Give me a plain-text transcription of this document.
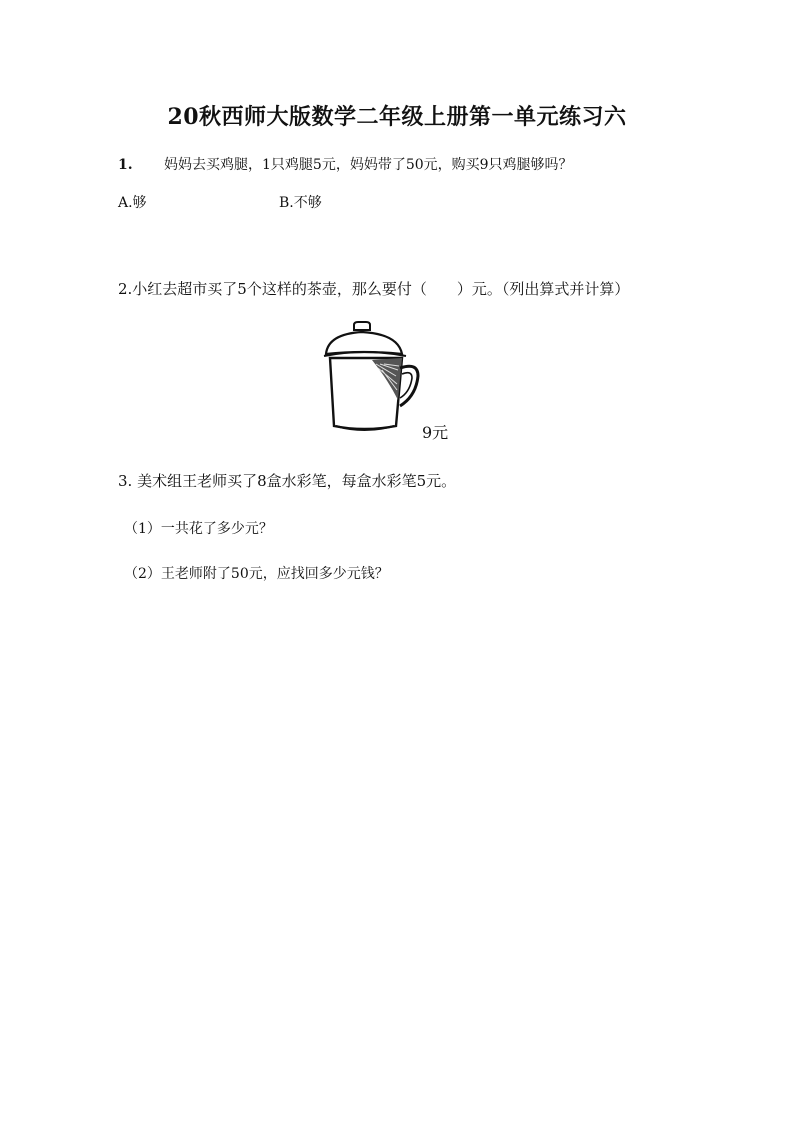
20秋西师大版数学二年级上册第一单元练习六
1. 妈妈去买鸡腿，1只鸡腿5元，妈妈带了50元，购买9只鸡腿够吗？
A.够	B.不够
2.小红去超市买了5个这样的茶壶，那么要付（　　）元。（列出算式并计算）
9元
3. 美术组王老师买了8盒水彩笔，每盒水彩笔5元。
（1）一共花了多少元？
（2）王老师附了50元，应找回多少元钱？
